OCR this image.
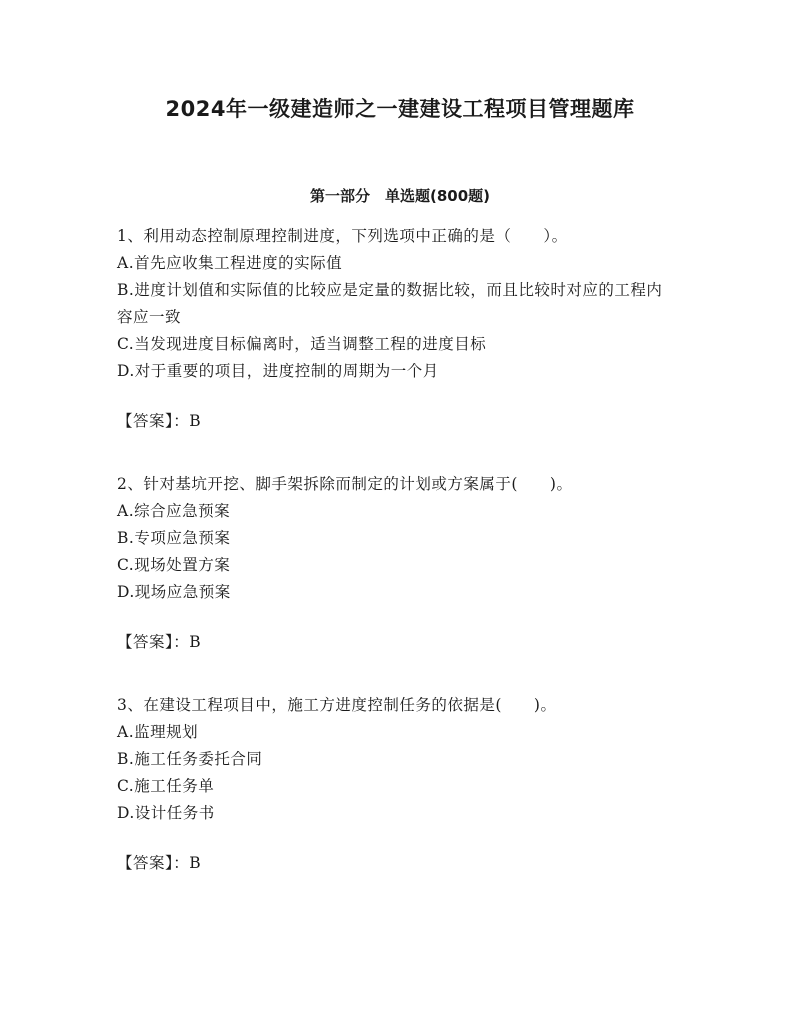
2024年一级建造师之一建建设工程项目管理题库
第一部分　单选题(800题)
1、利用动态控制原理控制进度，下列选项中正确的是（　　）。
A.首先应收集工程进度的实际值
B.进度计划值和实际值的比较应是定量的数据比较，而且比较时对应的工程内容应一致
C.当发现进度目标偏离时，适当调整工程的进度目标
D.对于重要的项目，进度控制的周期为一个月
【答案】：B
2、针对基坑开挖、脚手架拆除而制定的计划或方案属于(　　)。
A.综合应急预案
B.专项应急预案
C.现场处置方案
D.现场应急预案
【答案】：B
3、在建设工程项目中，施工方进度控制任务的依据是(　　)。
A.监理规划
B.施工任务委托合同
C.施工任务单
D.设计任务书
【答案】：B
